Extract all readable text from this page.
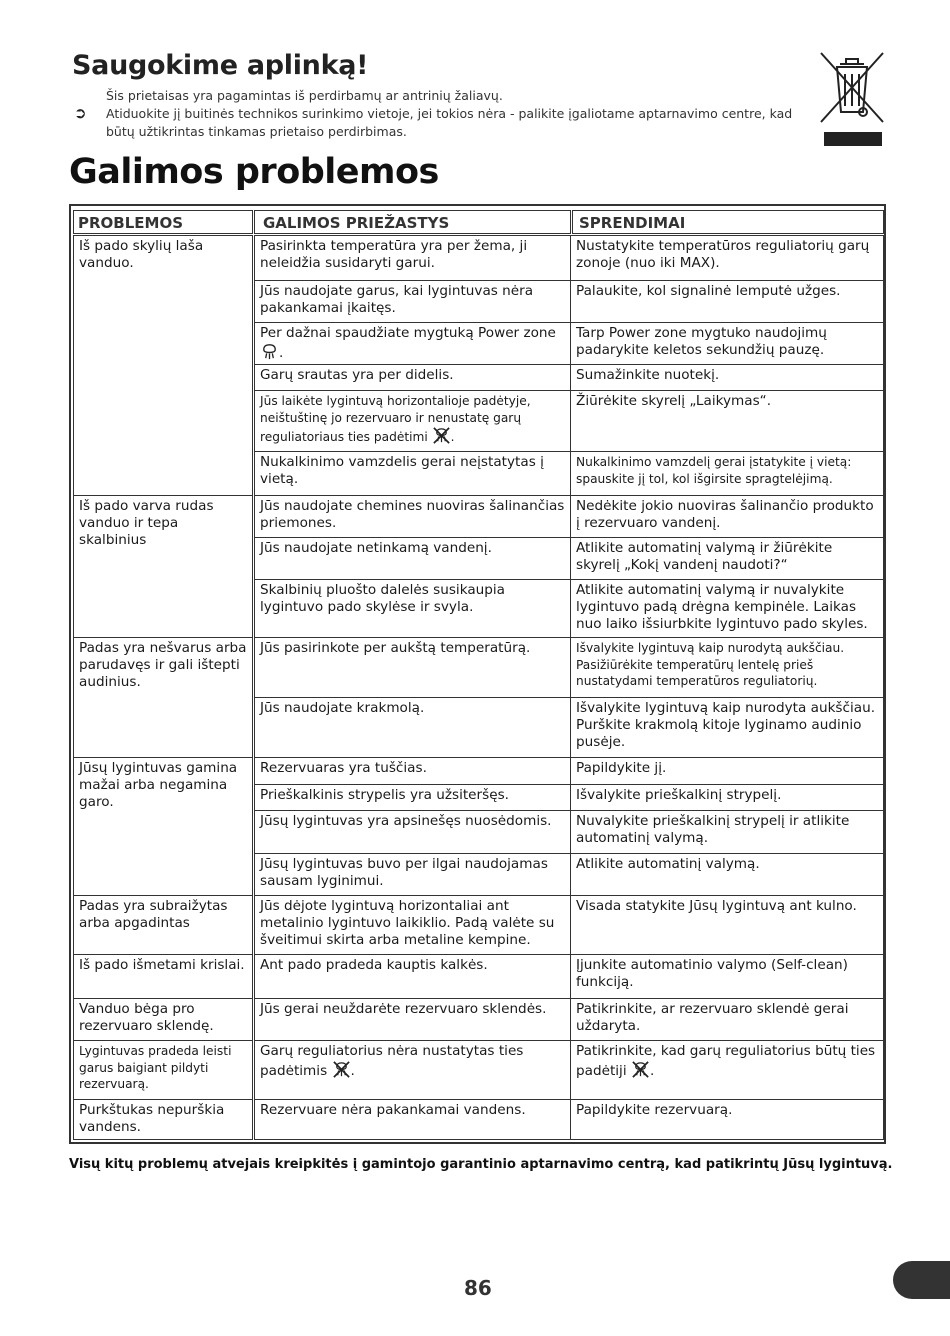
Saugokime aplinką!
Šis prietaisas yra pagamintas iš perdirbamų ar antrinių žaliavų.
➲ Atiduokite jį buitinės technikos surinkimo vietoje, jei tokios nėra - palikite įgaliotame aptarnavimo centre, kad
būtų užtikrintas tinkamas prietaiso perdirbimas.
Galimos problemos
PROBLEMOS	GALIMOS PRIEŽASTYS	SPRENDIMAI
Iš pado skylių laša vanduo.
Iš pado varva rudas vanduo ir tepa skalbinius
Padas yra nešvarus arba parudavęs ir gali ištepti audinius.
Jūsų lygintuvas gamina mažai arba negamina garo.
Padas yra subraižytas arba apgadintas
Iš pado išmetami krislai.
Vanduo bėga pro rezervuaro sklendę.
Lygintuvas pradeda leisti garus baigiant pildyti rezervuarą.
Purkštukas nepurškia vandens.
Pasirinkta temperatūra yra per žema, ji neleidžia susidaryti garui.
Jūs naudojate garus, kai lygintuvas nėra pakankamai įkaitęs.
Per dažnai spaudžiate mygtuką Power zone .
Garų srautas yra per didelis.
Jūs laikėte lygintuvą horizontalioje padėtyje, neištuštinę jo rezervuaro ir nenustatę garų reguliatoriaus ties padėtimi .
Nukalkinimo vamzdelis gerai neįstatytas į vietą.
Jūs naudojate chemines nuoviras šalinančias priemones.
Jūs naudojate netinkamą vandenį.
Skalbinių pluošto dalelės susikaupia lygintuvo pado skylėse ir svyla.
Jūs pasirinkote per aukštą temperatūrą.
Jūs naudojate krakmolą.
Rezervuaras yra tuščias.
Prieškalkinis strypelis yra užsiteršęs.
Jūsų lygintuvas yra apsinešęs nuosėdomis.
Jūsų lygintuvas buvo per ilgai naudojamas sausam lyginimui.
Jūs dėjote lygintuvą horizontaliai ant metalinio lygintuvo laikiklio. Padą valėte su šveitimui skirta arba metaline kempine.
Ant pado pradeda kauptis kalkės.
Jūs gerai neuždarėte rezervuaro sklendės.
Garų reguliatorius nėra nustatytas ties padėtimis .
Rezervuare nėra pakankamai vandens.
Nustatykite temperatūros reguliatorių garų zonoje (nuo iki MAX).
Palaukite, kol signalinė lemputė užges.
Tarp Power zone mygtuko naudojimų padarykite keletos sekundžių pauzę.
Sumažinkite nuotekį.
Žiūrėkite skyrelį „Laikymas“.
Nukalkinimo vamzdelį gerai įstatykite į vietą: spauskite jį tol, kol išgirsite spragtelėjimą.
Nedėkite jokio nuoviras šalinančio produkto į rezervuaro vandenį.
Atlikite automatinį valymą ir žiūrėkite skyrelį „Kokį vandenį naudoti?“
Atlikite automatinį valymą ir nuvalykite lygintuvo padą drėgna kempinėle. Laikas nuo laiko išsiurbkite lygintuvo pado skyles.
Išvalykite lygintuvą kaip nurodytą aukščiau. Pasižiūrėkite temperatūrų lentelę prieš nustatydami temperatūros reguliatorių.
Išvalykite lygintuvą kaip nurodyta aukščiau. Purškite krakmolą kitoje lyginamo audinio pusėje.
Papildykite jį.
Išvalykite prieškalkinį strypelį.
Nuvalykite prieškalkinį strypelį ir atlikite automatinį valymą.
Atlikite automatinį valymą.
Visada statykite Jūsų lygintuvą ant kulno.
Įjunkite automatinio valymo (Self-clean) funkciją.
Patikrinkite, ar rezervuaro sklendė gerai uždaryta.
Patikrinkite, kad garų reguliatorius būtų ties padėtiji .
Papildykite rezervuarą.
Visų kitų problemų atvejais kreipkitės į gamintojo garantinio aptarnavimo centrą, kad patikrintų Jūsų lygintuvą.
86
